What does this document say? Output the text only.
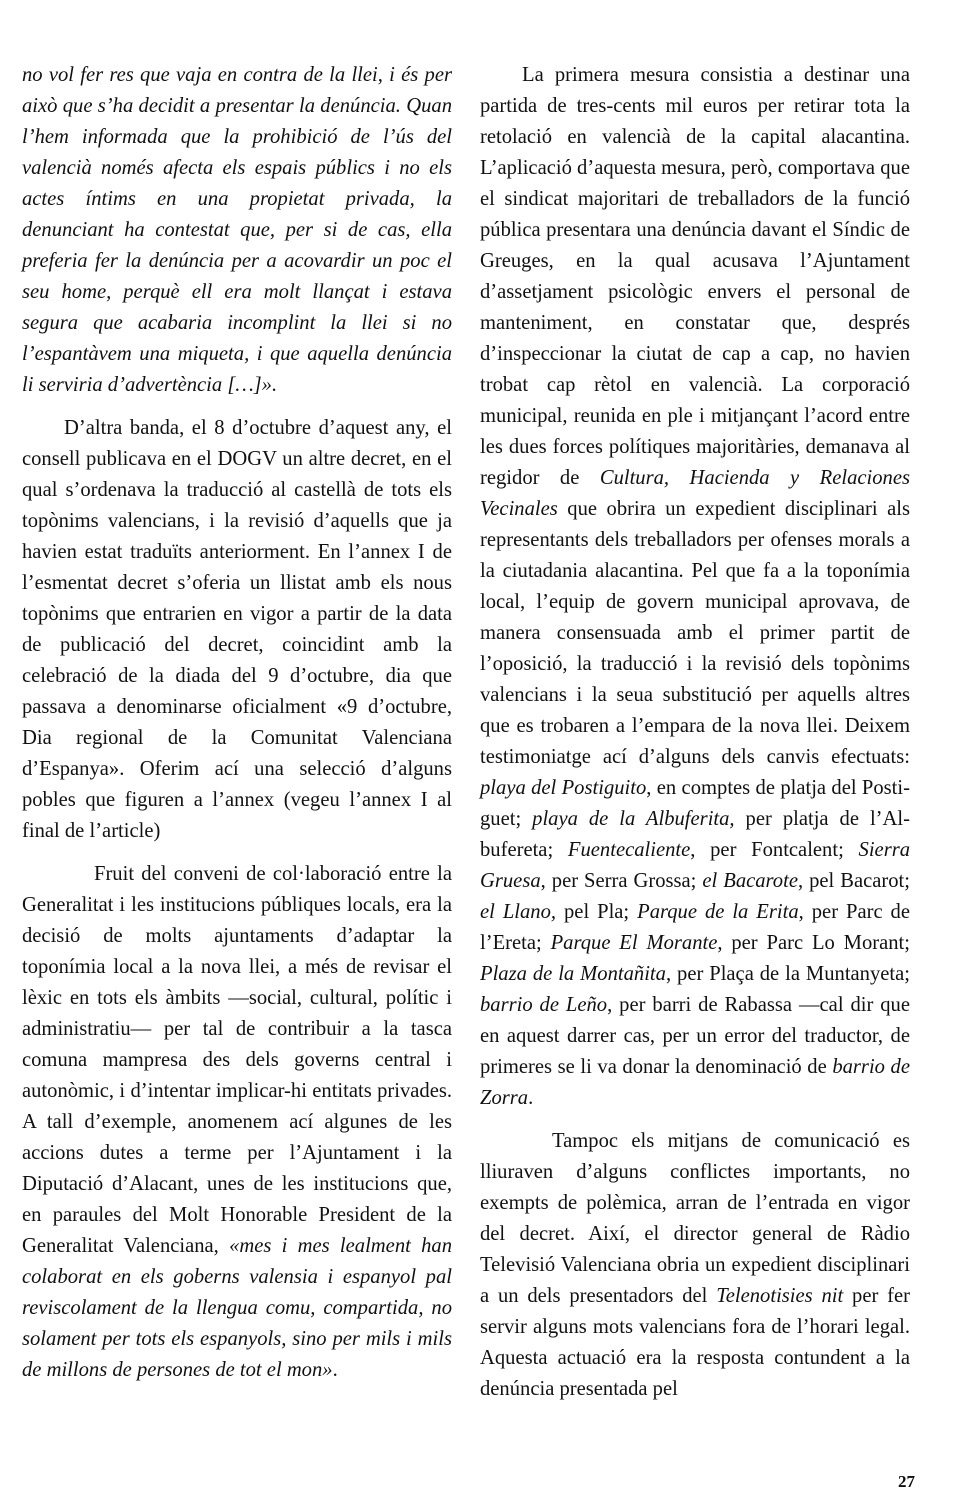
no vol fer res que vaja en contra de la llei, i és per això que s’ha decidit a presentar la denúncia. Quan l’hem informada que la prohibició de l’ús del valencià només afecta els espais públics i no els actes íntims en una propietat privada, la denunciant ha contestat que, per si de cas, ella preferia fer la denúncia per a acovardir un poc el seu home, perquè ell era molt llançat i estava segura que acabaria incomplint la llei si no l’espantàvem una miqueta, i que aquella denúncia li serviria d’advertència […]».

D’altra banda, el 8 d’octubre d’aquest any, el consell publicava en el DOGV un altre decret, en el qual s’ordenava la traducció al castellà de tots els topònims valencians, i la revisió d’aquells que ja havien estat traduïts anteriorment. En l’annex I de l’esmentat decret s’oferia un llistat amb els nous topònims que entrarien en vigor a partir de la data de publicació del decret, coincidint amb la celebració de la diada del 9 d’octubre, dia que passava a denominarse oficialment «9 d’octubre, Dia regional de la Comunitat Valenciana d’Espanya». Oferim ací una selecció d’alguns pobles que figuren a l’annex (vegeu l’annex I al final de l’article)

Fruit del conveni de col·laboració entre la Generalitat i les institucions públiques locals, era la decisió de molts ajuntaments d’adaptar la toponímia local a la nova llei, a més de revisar el lèxic en tots els àmbits —social, cultural, polític i administratiu— per tal de contribuir a la tasca comuna mampresa des dels governs central i autonòmic, i d’intentar implicar-hi entitats privades. A tall d’exemple, anomenem ací algunes de les accions dutes a terme per l’Ajuntament i la Diputació d’Alacant, unes de les institucions que, en paraules del Molt Honorable President de la Generalitat Valenciana, «mes i mes lealment han colaborat en els goberns valensia i espanyol pal reviscolament de la llengua comu, compartida, no solament per tots els espanyols, sino per mils i mils de millons de persones de tot el mon».

La primera mesura consistia a destinar una partida de tres-cents mil euros per retirar tota la retolació en valencià de la capital alacantina. L’aplicació d’aquesta mesura, però, comportava que el sindicat majoritari de treballadors de la funció pública presentara una denúncia davant el Síndic de Greuges, en la qual acusava l’Ajuntament d’assetjament psicològic envers el personal de manteniment, en constatar que, després d’inspeccionar la ciutat de cap a cap, no havien trobat cap rètol en valencià. La corporació municipal, reunida en ple i mitjançant l’acord entre les dues forces polítiques majoritàries, demanava al regidor de Cultura, Hacienda y Relaciones Vecinales que obrira un expedient disciplinari als representants dels treballadors per ofenses morals a la ciutadania alacantina. Pel que fa a la toponímia local, l’equip de govern municipal aprovava, de manera consensuada amb el primer partit de l’oposició, la traducció i la revisió dels topònims valencians i la seua substitució per aquells altres que es trobaren a l’empara de la nova llei. Deixem testimoniatge ací d’alguns dels canvis efectuats: playa del Postiguito, en comptes de platja del Postiguet; playa de la Albuferita, per platja de l’Albufereta; Fuentecaliente, per Fontcalent; Sierra Gruesa, per Serra Grossa; el Bacarote, pel Bacarot; el Llano, pel Pla; Parque de la Erita, per Parc de l’Ereta; Parque El Morante, per Parc Lo Morant; Plaza de la Montañita, per Plaça de la Muntanyeta; barrio de Leño, per barri de Rabassa —cal dir que en aquest darrer cas, per un error del traductor, de primeres se li va donar la denominació de barrio de Zorra.

Tampoc els mitjans de comunicació es lliuraven d’alguns conflictes importants, no exempts de polèmica, arran de l’entrada en vigor del decret. Així, el director general de Ràdio Televisió Valenciana obria un expedient disciplinari a un dels presentadors del Telenotisies nit per fer servir alguns mots valencians fora de l’horari legal. Aquesta actuació era la resposta contundent a la denúncia presentada pel

27
